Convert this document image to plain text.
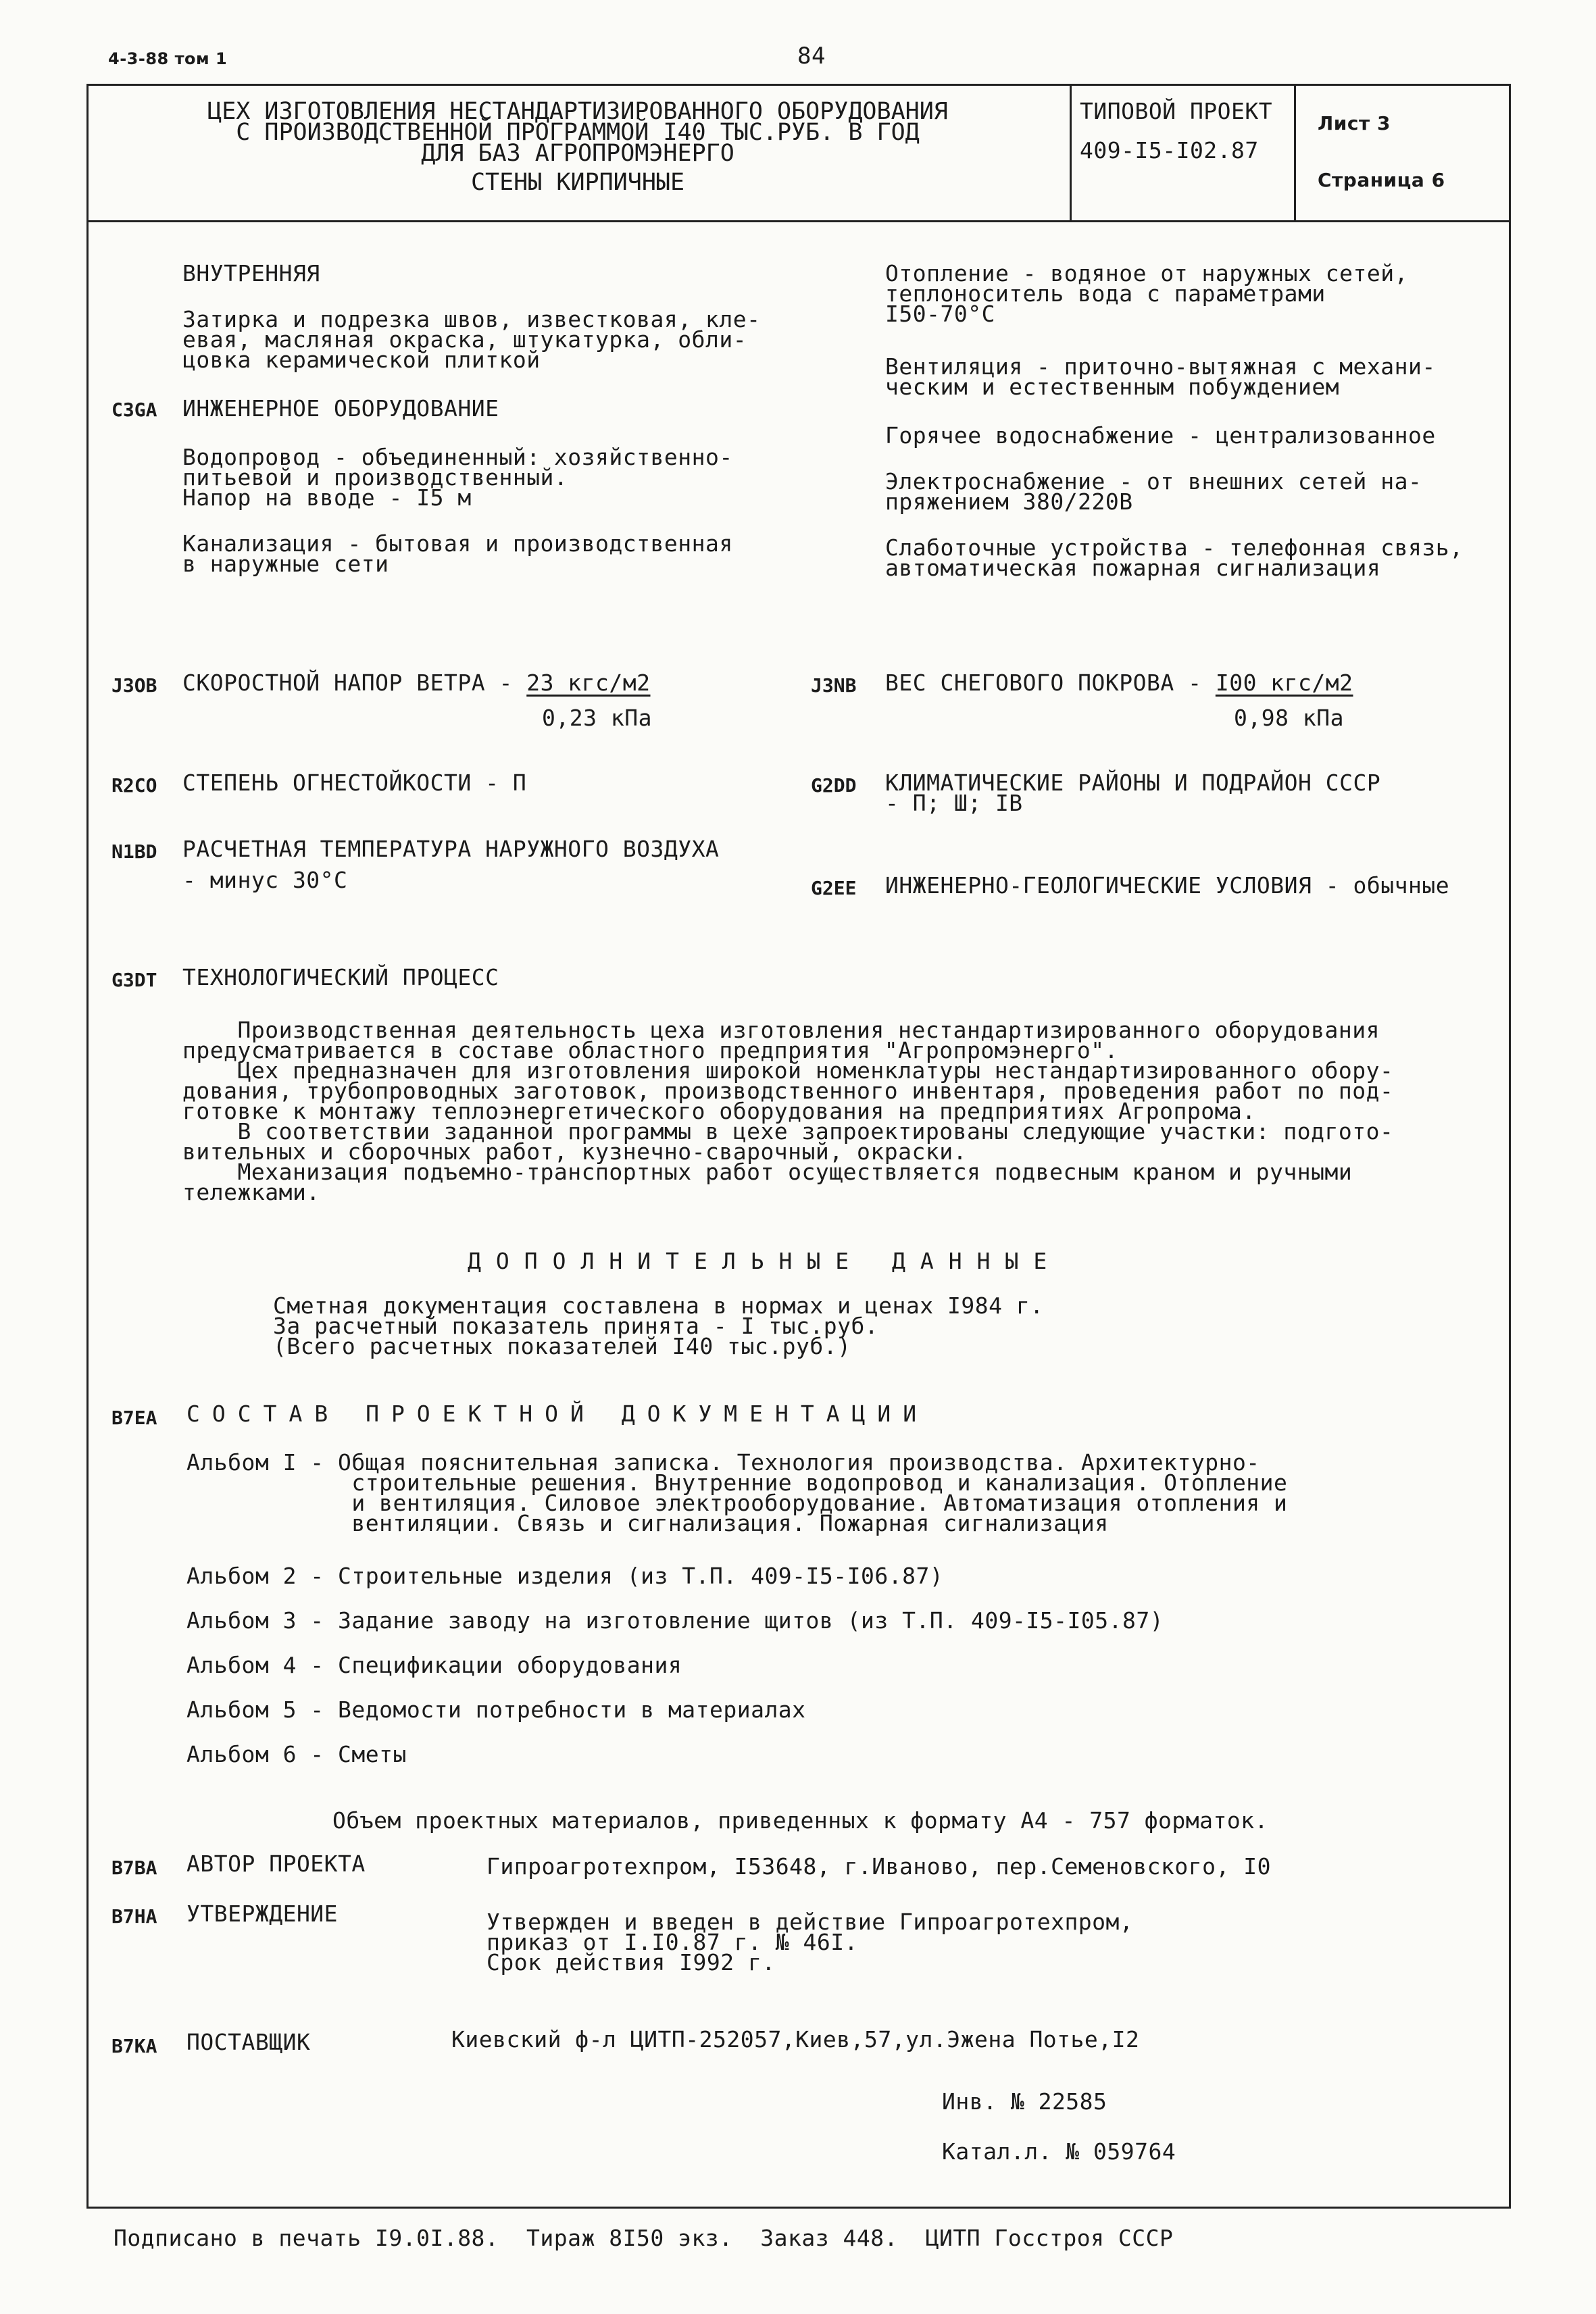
4-3-88 том 1	84
ЦЕХ ИЗГОТОВЛЕНИЯ НЕСТАНДАРТИЗИРОВАННОГО ОБОРУДОВАНИЯ
С ПРОИЗВОДСТВЕННОЙ ПРОГРАММОЙ I40 ТЫС.РУБ. В ГОД
ДЛЯ БАЗ АГРОПРОМЭНЕРГО
СТЕНЫ КИРПИЧНЫЕ
ТИПОВОЙ ПРОЕКТ
409-I5-I02.87
Лист 3
Страница 6
ВНУТРЕННЯЯ
Затирка и подрезка швов, известковая, кле-
евая, масляная окраска, штукатурка, обли-
цовка керамической плиткой
C3GA ИНЖЕНЕРНОЕ ОБОРУДОВАНИЕ
Водопровод - объединенный: хозяйственно-
питьевой и производственный.
Напор на вводе - I5 м
Канализация - бытовая и производственная
в наружные сети
Отопление - водяное от наружных сетей,
теплоноситель вода с параметрами
I50-70°С
Вентиляция - приточно-вытяжная с механи-
ческим и естественным побуждением
Горячее водоснабжение - централизованное
Электроснабжение - от внешних сетей на-
пряжением 380/220В
Слаботочные устройства - телефонная связь,
автоматическая пожарная сигнализация
J3OB СКОРОСТНОЙ НАПОР ВЕТРА - 23 кгс/м2
0,23 кПа
J3NB ВЕС СНЕГОВОГО ПОКРОВА - I00 кгс/м2
0,98 кПа
R2CO СТЕПЕНЬ ОГНЕСТОЙКОСТИ - П	G2DD КЛИМАТИЧЕСКИЕ РАЙОНЫ И ПОДРАЙОН СССР
- П; Ш; IВ
N1BD РАСЧЕТНАЯ ТЕМПЕРАТУРА НАРУЖНОГО ВОЗДУХА
- минус 30°С	G2EE ИНЖЕНЕРНО-ГЕОЛОГИЧЕСКИЕ УСЛОВИЯ - обычные
G3DT ТЕХНОЛОГИЧЕСКИЙ ПРОЦЕСС
Производственная деятельность цеха изготовления нестандартизированного оборудования
предусматривается в составе областного предприятия "Агропромэнерго".
Цех предназначен для изготовления широкой номенклатуры нестандартизированного обору-
дования, трубопроводных заготовок, производственного инвентаря, проведения работ по под-
готовке к монтажу теплоэнергетического оборудования на предприятиях Агропрома.
В соответствии заданной программы в цехе запроектированы следующие участки: подгото-
вительных и сборочных работ, кузнечно-сварочный, окраски.
Механизация подъемно-транспортных работ осуществляется подвесным краном и ручными
тележками.
ДОПОЛНИТЕЛЬНЫЕ ДАННЫЕ
Сметная документация составлена в нормах и ценах I984 г.
За расчетный показатель принята - I тыс.руб.
(Всего расчетных показателей I40 тыс.руб.)
B7EA СОСТАВ ПРОЕКТНОЙ ДОКУМЕНТАЦИИ
Альбом I - Общая пояснительная записка. Технология производства. Архитектурно-
строительные решения. Внутренние водопровод и канализация. Отопление
и вентиляция. Силовое электрооборудование. Автоматизация отопления и
вентиляции. Связь и сигнализация. Пожарная сигнализация
Альбом 2 - Строительные изделия (из Т.П. 409-I5-I06.87)
Альбом 3 - Задание заводу на изготовление щитов (из Т.П. 409-I5-I05.87)
Альбом 4 - Спецификации оборудования
Альбом 5 - Ведомости потребности в материалах
Альбом 6 - Сметы
Объем проектных материалов, приведенных к формату А4 - 757 форматок.
B7BA АВТОР ПРОЕКТА	Гипроагротехпром, I53648, г.Иваново, пер.Семеновского, I0
B7HA УТВЕРЖДЕНИЕ	Утвержден и введен в действие Гипроагротехпром,
приказ от I.I0.87 г. № 46I.
Срок действия I992 г.
B7KA ПОСТАВЩИК	Киевский ф-л ЦИТП-252057,Киев,57,ул.Эжена Потье,I2
Инв. № 22585
Катал.л. № 059764
Подписано в печать I9.0I.88.  Тираж 8I50 экз.  Заказ 448.  ЦИТП Госстроя СССР
